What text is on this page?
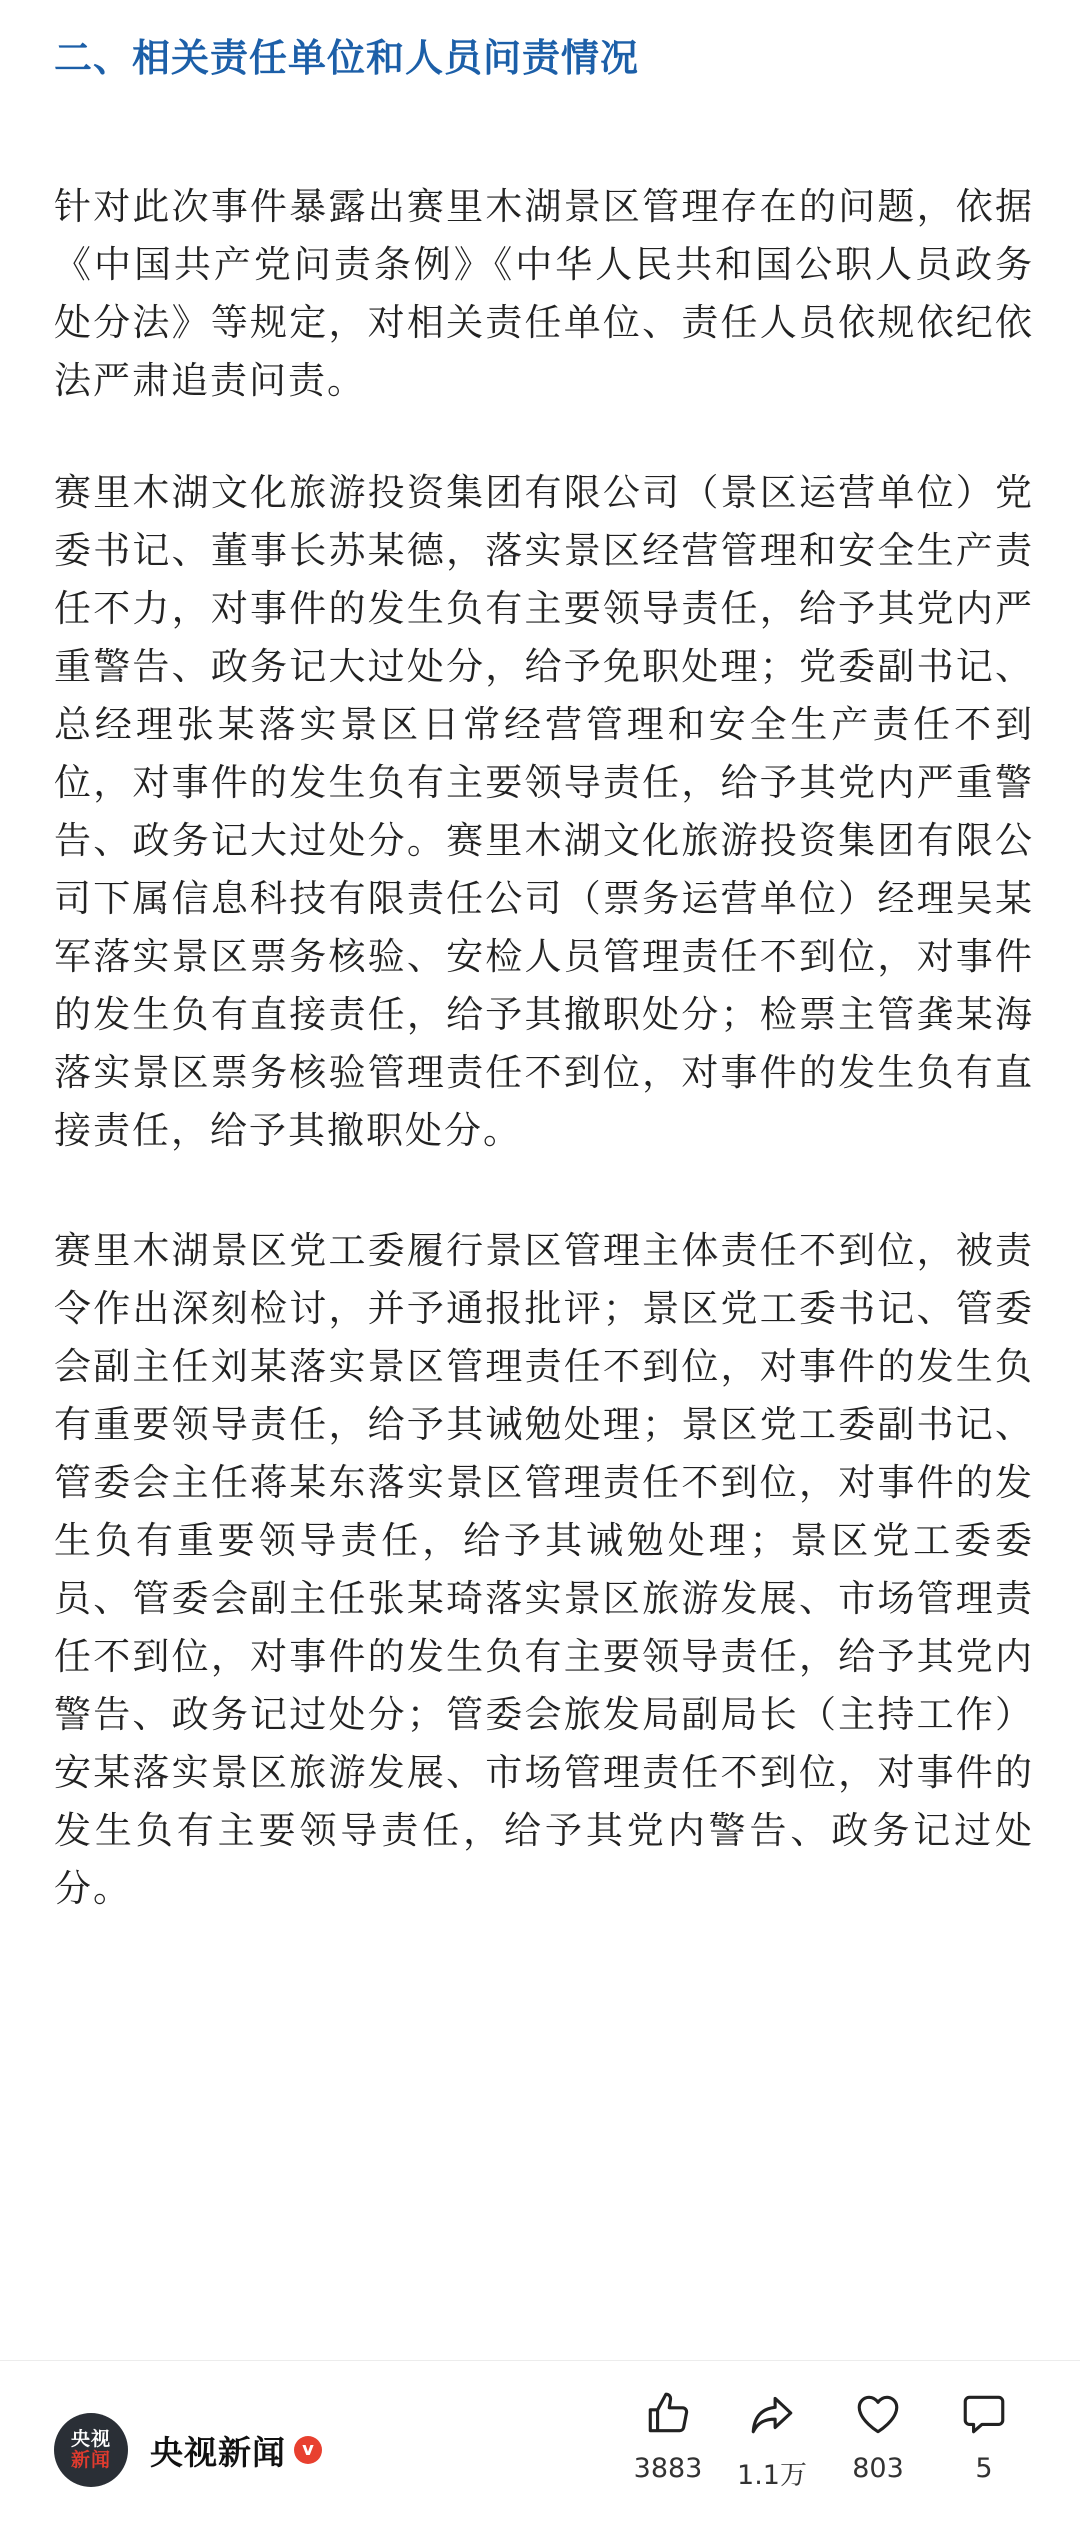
二、相关责任单位和人员问责情况

针对此次事件暴露出赛里木湖景区管理存在的问题，依据《中国共产党问责条例》《中华人民共和国公职人员政务处分法》等规定，对相关责任单位、责任人员依规依纪依法严肃追责问责。

赛里木湖文化旅游投资集团有限公司（景区运营单位）党委书记、董事长苏某德，落实景区经营管理和安全生产责任不力，对事件的发生负有主要领导责任，给予其党内严重警告、政务记大过处分，给予免职处理；党委副书记、总经理张某落实景区日常经营管理和安全生产责任不到位，对事件的发生负有主要领导责任，给予其党内严重警告、政务记大过处分。赛里木湖文化旅游投资集团有限公司下属信息科技有限责任公司（票务运营单位）经理吴某军落实景区票务核验、安检人员管理责任不到位，对事件的发生负有直接责任，给予其撤职处分；检票主管龚某海落实景区票务核验管理责任不到位，对事件的发生负有直接责任，给予其撤职处分。

赛里木湖景区党工委履行景区管理主体责任不到位，被责令作出深刻检讨，并予通报批评；景区党工委书记、管委会副主任刘某落实景区管理责任不到位，对事件的发生负有重要领导责任，给予其诫勉处理；景区党工委副书记、管委会主任蒋某东落实景区管理责任不到位，对事件的发生负有重要领导责任，给予其诫勉处理；景区党工委委员、管委会副主任张某琦落实景区旅游发展、市场管理责任不到位，对事件的发生负有主要领导责任，给予其党内警告、政务记过处分；管委会旅发局副局长（主持工作）安某落实景区旅游发展、市场管理责任不到位，对事件的发生负有主要领导责任，给予其党内警告、政务记过处分。

央视
新闻 央视新闻 v
3883	1.1万	803	5
